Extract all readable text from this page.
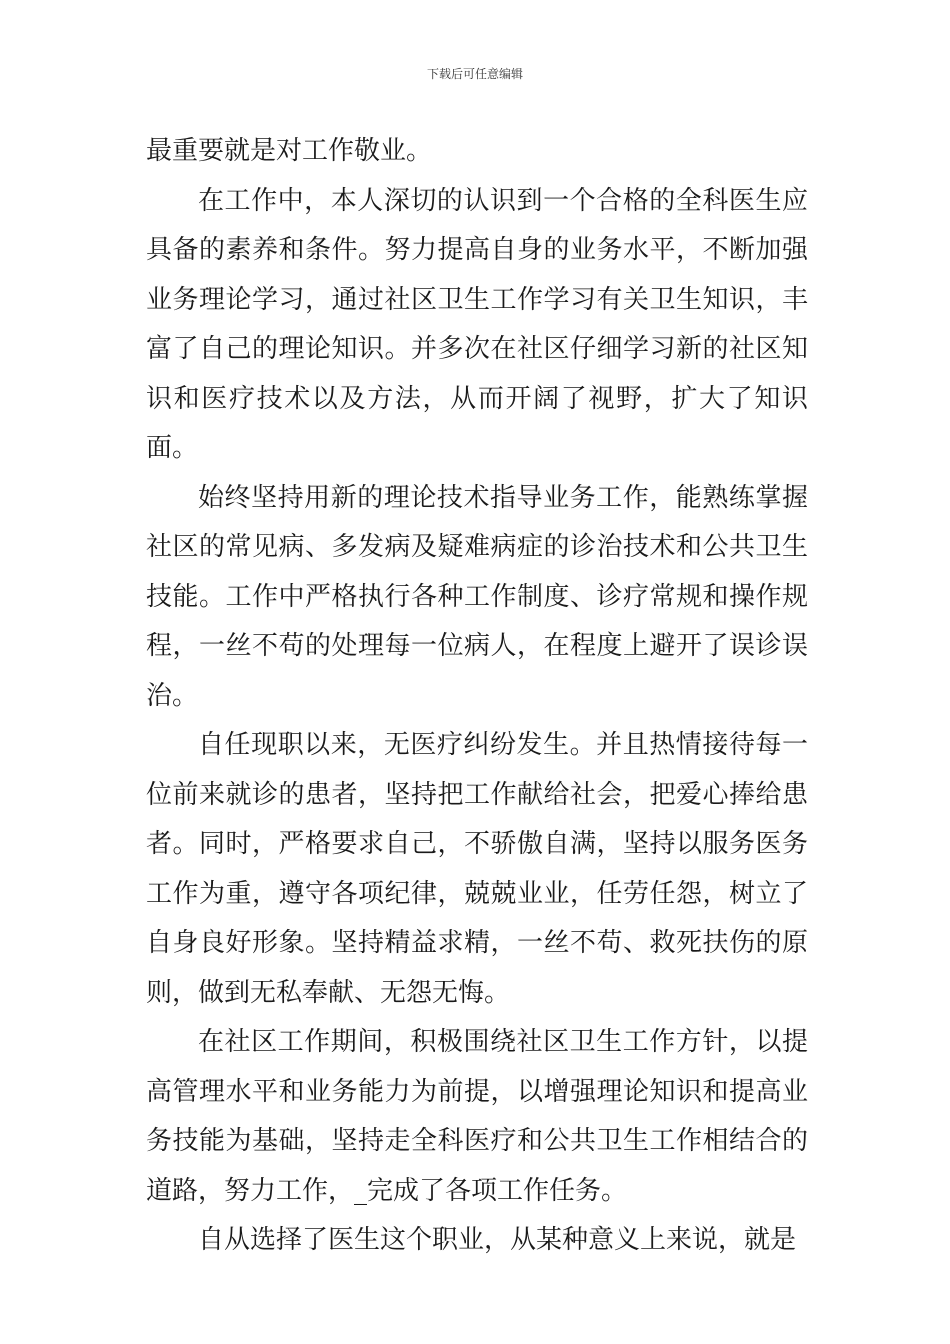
下载后可任意编辑

最重要就是对工作敬业。

在工作中，本人深切的认识到一个合格的全科医生应具备的素养和条件。努力提高自身的业务水平，不断加强业务理论学习，通过社区卫生工作学习有关卫生知识，丰富了自己的理论知识。并多次在社区仔细学习新的社区知识和医疗技术以及方法，从而开阔了视野，扩大了知识面。

始终坚持用新的理论技术指导业务工作，能熟练掌握社区的常见病、多发病及疑难病症的诊治技术和公共卫生技能。工作中严格执行各种工作制度、诊疗常规和操作规程，一丝不苟的处理每一位病人，在程度上避开了误诊误治。

自任现职以来，无医疗纠纷发生。并且热情接待每一位前来就诊的患者，坚持把工作献给社会，把爱心捧给患者。同时，严格要求自己，不骄傲自满，坚持以服务医务工作为重，遵守各项纪律，兢兢业业，任劳任怨，树立了自身良好形象。坚持精益求精，一丝不苟、救死扶伤的原则，做到无私奉献、无怨无悔。

在社区工作期间，积极围绕社区卫生工作方针，以提高管理水平和业务能力为前提，以增强理论知识和提高业务技能为基础，坚持走全科医疗和公共卫生工作相结合的道路，努力工作，_完成了各项工作任务。

自从选择了医生这个职业，从某种意义上来说，就是
